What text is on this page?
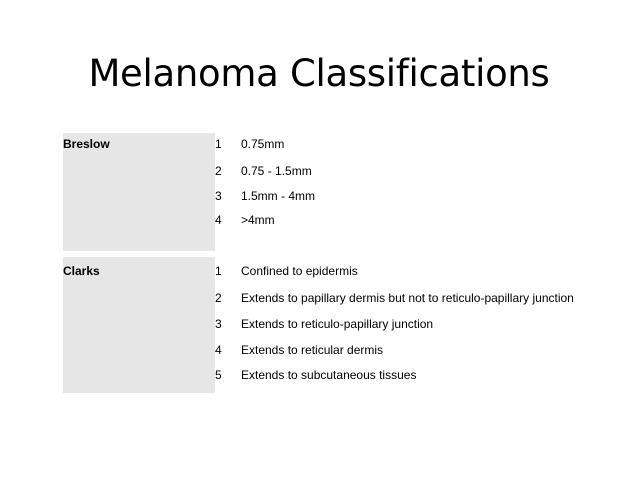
Melanoma Classifications
Breslow	1 0.75mm
2 0.75 - 1.5mm
3 1.5mm - 4mm
4 >4mm
Clarks	1 Confined to epidermis
2 Extends to papillary dermis but not to reticulo-papillary junction
3 Extends to reticulo-papillary junction
4 Extends to reticular dermis
5 Extends to subcutaneous tissues
